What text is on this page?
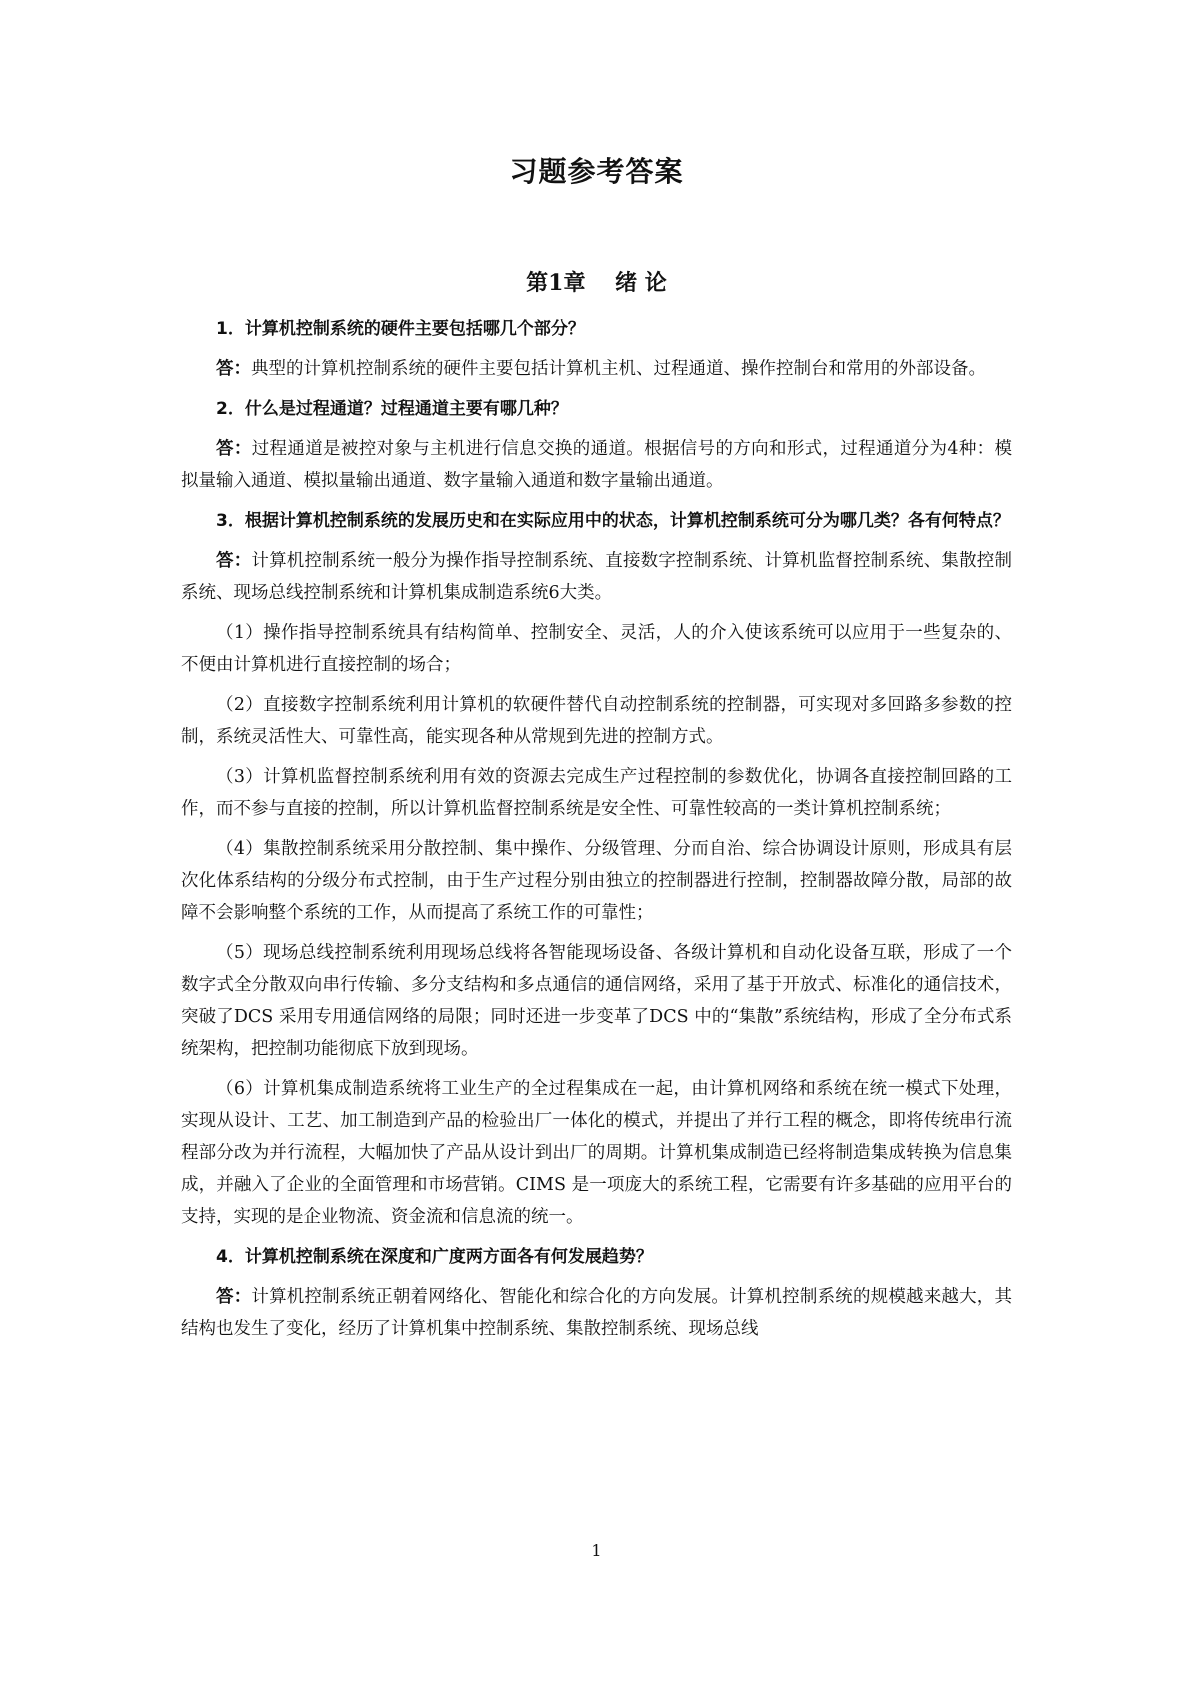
习题参考答案
第1章　 绪 论

1．计算机控制系统的硬件主要包括哪几个部分？

答：典型的计算机控制系统的硬件主要包括计算机主机、过程通道、操作控制台和常用的外部设备。

2．什么是过程通道？过程通道主要有哪几种？

答：过程通道是被控对象与主机进行信息交换的通道。根据信号的方向和形式，过程通道分为4种：模拟量输入通道、模拟量输出通道、数字量输入通道和数字量输出通道。

3．根据计算机控制系统的发展历史和在实际应用中的状态，计算机控制系统可分为哪几类？各有何特点？

答：计算机控制系统一般分为操作指导控制系统、直接数字控制系统、计算机监督控制系统、集散控制系统、现场总线控制系统和计算机集成制造系统6大类。

（1）操作指导控制系统具有结构简单、控制安全、灵活，人的介入使该系统可以应用于一些复杂的、不便由计算机进行直接控制的场合；

（2）直接数字控制系统利用计算机的软硬件替代自动控制系统的控制器，可实现对多回路多参数的控制，系统灵活性大、可靠性高，能实现各种从常规到先进的控制方式。

（3）计算机监督控制系统利用有效的资源去完成生产过程控制的参数优化，协调各直接控制回路的工作，而不参与直接的控制，所以计算机监督控制系统是安全性、可靠性较高的一类计算机控制系统；

（4）集散控制系统采用分散控制、集中操作、分级管理、分而自治、综合协调设计原则，形成具有层次化体系结构的分级分布式控制，由于生产过程分别由独立的控制器进行控制，控制器故障分散，局部的故障不会影响整个系统的工作，从而提高了系统工作的可靠性；

（5）现场总线控制系统利用现场总线将各智能现场设备、各级计算机和自动化设备互联，形成了一个数字式全分散双向串行传输、多分支结构和多点通信的通信网络，采用了基于开放式、标准化的通信技术，突破了DCS 采用专用通信网络的局限；同时还进一步变革了DCS 中的“集散”系统结构，形成了全分布式系统架构，把控制功能彻底下放到现场。

（6）计算机集成制造系统将工业生产的全过程集成在一起，由计算机网络和系统在统一模式下处理，实现从设计、工艺、加工制造到产品的检验出厂一体化的模式，并提出了并行工程的概念，即将传统串行流程部分改为并行流程，大幅加快了产品从设计到出厂的周期。计算机集成制造已经将制造集成转换为信息集成，并融入了企业的全面管理和市场营销。CIMS 是一项庞大的系统工程，它需要有许多基础的应用平台的支持，实现的是企业物流、资金流和信息流的统一。

4．计算机控制系统在深度和广度两方面各有何发展趋势？

答：计算机控制系统正朝着网络化、智能化和综合化的方向发展。计算机控制系统的规模越来越大，其结构也发生了变化，经历了计算机集中控制系统、集散控制系统、现场总线

1
